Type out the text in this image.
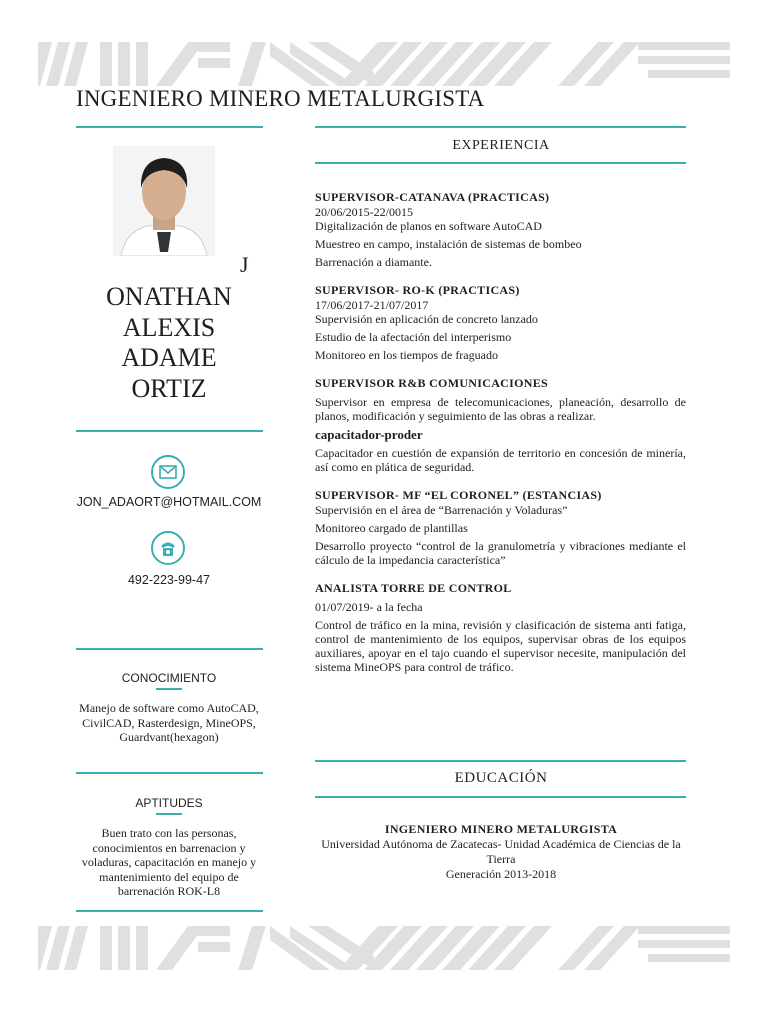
INGENIERO MINERO METALURGISTA
J
ONATHAN
ALEXIS
ADAME
ORTIZ
JON_ADAORT@HOTMAIL.COM
492-223-99-47
CONOCIMIENTO
Manejo de software como AutoCAD, CivilCAD, Rasterdesign, MineOPS, Guardvant(hexagon)
APTITUDES
Buen trato con las personas, conocimientos en barrenacion y voladuras, capacitación en manejo y mantenimiento del equipo de barrenación ROK-L8
EXPERIENCIA
SUPERVISOR-CATANAVA (PRACTICAS)
20/06/2015-22/0015
Digitalización de planos en software AutoCAD
Muestreo en campo, instalación de sistemas de bombeo
Barrenación a diamante.
SUPERVISOR- RO-K (PRACTICAS)
17/06/2017-21/07/2017
Supervisión en aplicación de concreto lanzado
Estudio de la afectación del interperismo
Monitoreo en los tiempos de fraguado
SUPERVISOR R&B COMUNICACIONES
Supervisor en empresa de telecomunicaciones, planeación, desarrollo de planos, modificación y seguimiento de las obras a realizar.
capacitador-proder
Capacitador en cuestión de expansión de territorio en concesión de minería, así como en plática de seguridad.
SUPERVISOR- MF “EL CORONEL” (ESTANCIAS)
Supervisión en el área de “Barrenación y Voladuras”
Monitoreo cargado de plantillas
Desarrollo proyecto “control de la granulometría y vibraciones mediante el cálculo de la impedancia característica”
ANALISTA TORRE DE CONTROL
01/07/2019- a la fecha
Control de tráfico en la mina, revisión y clasificación de sistema anti fatiga, control de mantenimiento de los equipos, supervisar obras de los equipos auxiliares, apoyar en el tajo cuando el supervisor necesite, manipulación del sistema MineOPS para control de tráfico.
EDUCACIÓN
INGENIERO MINERO METALURGISTA
Universidad Autónoma de Zacatecas- Unidad Académica de Ciencias de la Tierra
Generación 2013-2018
